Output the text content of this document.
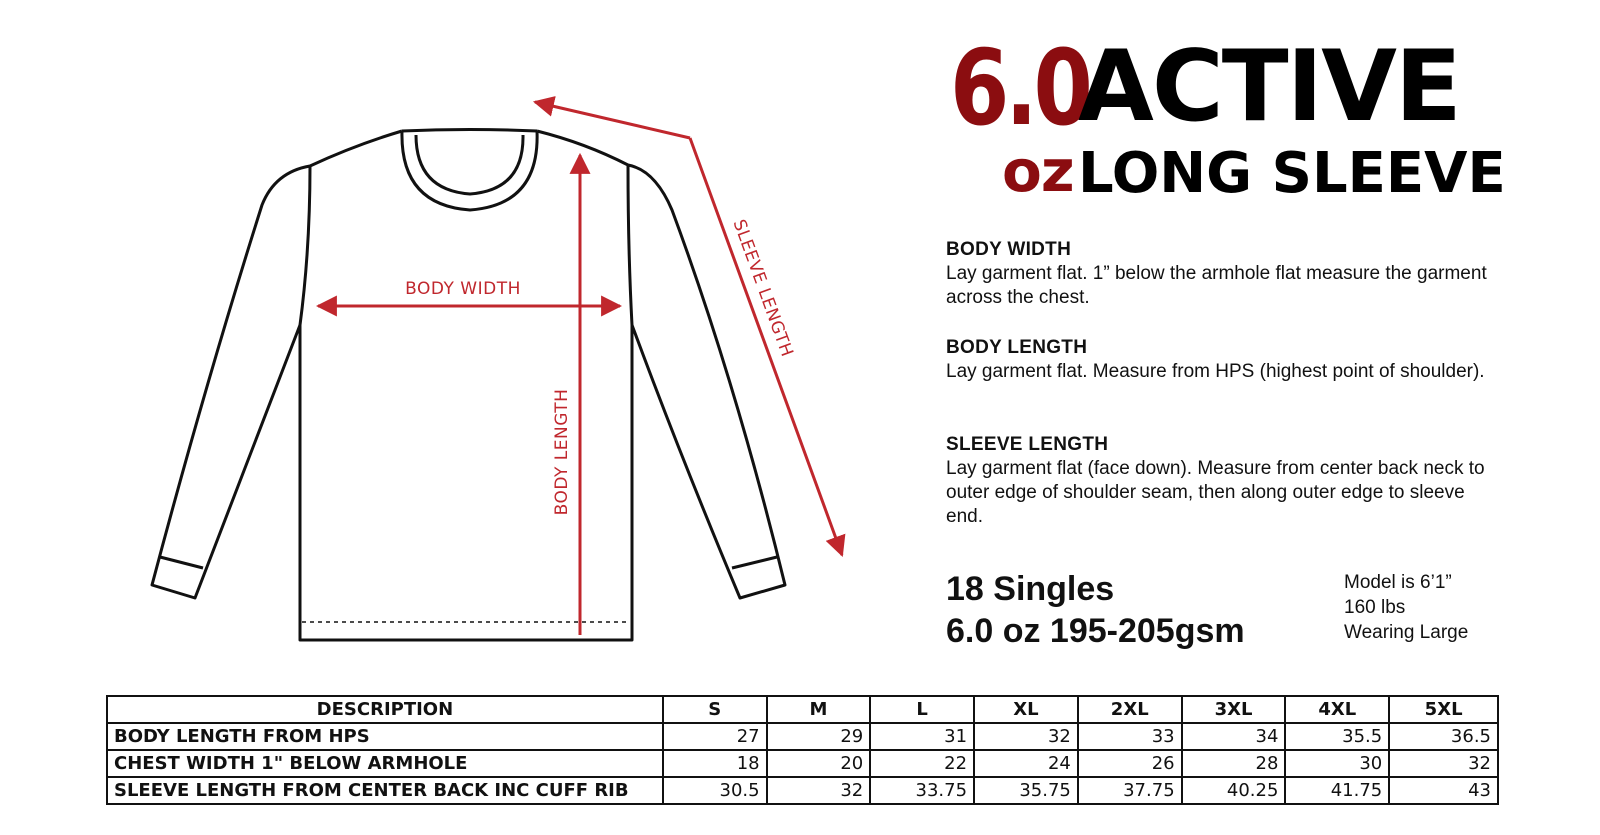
BODY WIDTH
BODY LENGTH
SLEEVE LENGTH
6.0
oz
ACTIVE
LONG SLEEVE
BODY WIDTH

Lay garment flat. 1” below the armhole flat measure the garment across the chest.

BODY LENGTH

Lay garment flat. Measure from HPS (highest point of shoulder).

SLEEVE LENGTH

Lay garment flat (face down). Measure from center back neck to outer edge of shoulder seam, then along outer edge to sleeve end.

18 Singles
6.0 oz 195-205gsm
Model is 6’1”
160 lbs
Wearing Large
DESCRIPTION	S	M	L	XL	2XL	3XL	4XL	5XL
BODY LENGTH FROM HPS	27	29	31	32	33	34	35.5	36.5
CHEST WIDTH 1" BELOW ARMHOLE	18	20	22	24	26	28	30	32
SLEEVE LENGTH FROM CENTER BACK INC CUFF RIB	30.5	32	33.75	35.75	37.75	40.25	41.75	43
